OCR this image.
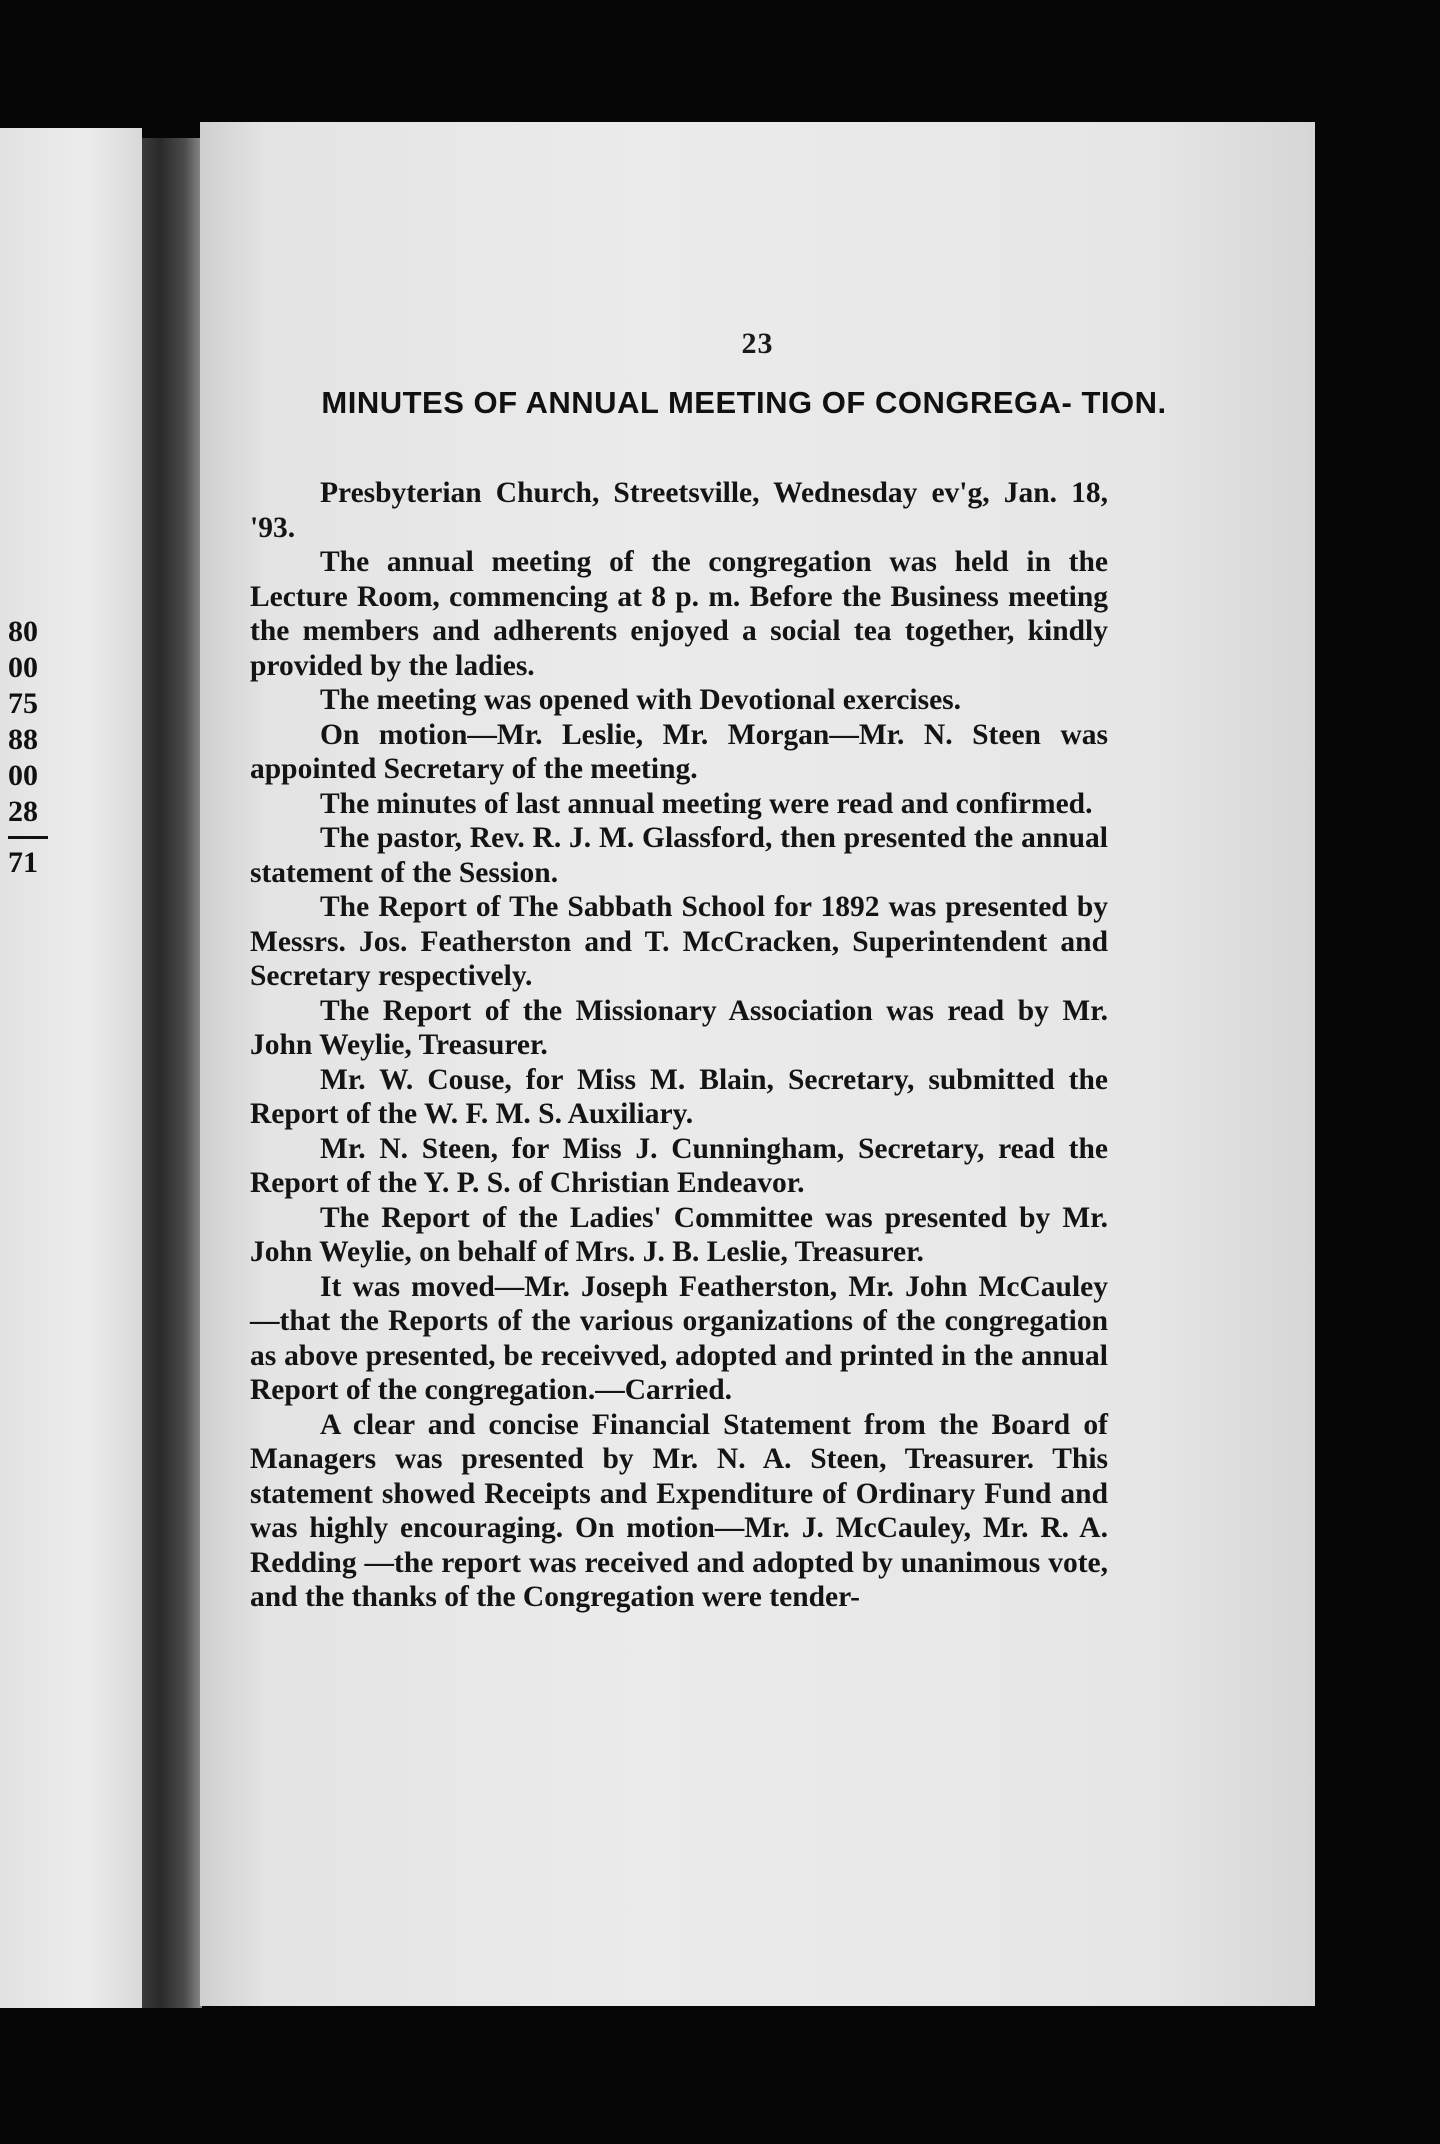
80
00
75
88
00
28
71
23
MINUTES OF ANNUAL MEETING OF CONGREGA- TION.

Presbyterian Church, Streetsville, Wednesday ev'g, Jan. 18, '93.

The annual meeting of the congregation was held in the Lecture Room, commencing at 8 p. m. Before the Business meeting the members and adherents enjoyed a social tea together, kindly provided by the ladies.

The meeting was opened with Devotional exercises.

On motion—Mr. Leslie, Mr. Morgan—Mr. N. Steen was appointed Secretary of the meeting.

The minutes of last annual meeting were read and confirmed.

The pastor, Rev. R. J. M. Glassford, then presented the annual statement of the Session.

The Report of The Sabbath School for 1892 was presented by Messrs. Jos. Featherston and T. McCracken, Superintendent and Secretary respectively.

The Report of the Missionary Association was read by Mr. John Weylie, Treasurer.

Mr. W. Couse, for Miss M. Blain, Secretary, submitted the Report of the W. F. M. S. Auxiliary.

Mr. N. Steen, for Miss J. Cunningham, Secretary, read the Report of the Y. P. S. of Christian Endeavor.

The Report of the Ladies' Committee was presented by Mr. John Weylie, on behalf of Mrs. J. B. Leslie, Treasurer.

It was moved—Mr. Joseph Featherston, Mr. John McCauley—that the Reports of the various organizations of the congregation as above presented, be receivved, adopted and printed in the annual Report of the congregation.—Carried.

A clear and concise Financial Statement from the Board of Managers was presented by Mr. N. A. Steen, Treasurer. This statement showed Receipts and Expenditure of Ordinary Fund and was highly encouraging. On motion—Mr. J. McCauley, Mr. R. A. Redding —the report was received and adopted by unanimous vote, and the thanks of the Congregation were tender-
